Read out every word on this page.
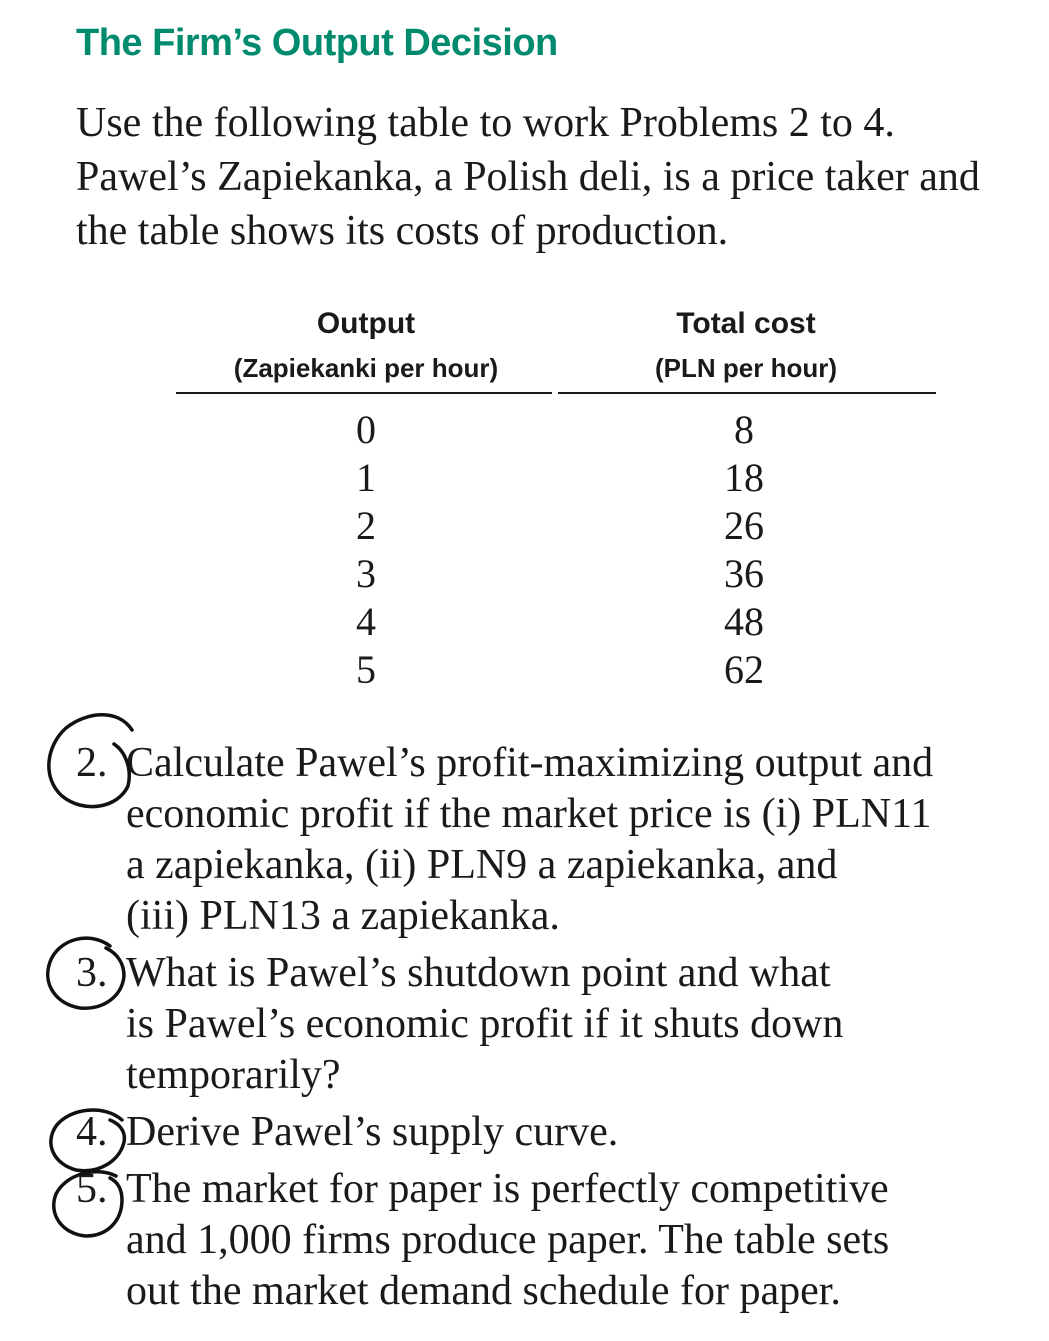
The Firm’s Output Decision
Use the following table to work Problems 2 to 4.
Pawel’s Zapiekanka, a Polish deli, is a price taker and
the table shows its costs of production.
Output
(Zapiekanki per hour)
Total cost
(PLN per hour)
0
1
2
3
4
5
8
18
26
36
48
62
2. Calculate Pawel’s profit-maximizing output and
economic profit if the market price is (i) PLN11
a zapiekanka, (ii) PLN9 a zapiekanka, and
(iii) PLN13 a zapiekanka.
3. What is Pawel’s shutdown point and what
is Pawel’s economic profit if it shuts down
temporarily?
4. Derive Pawel’s supply curve.
5. The market for paper is perfectly competitive
and 1,000 firms produce paper. The table sets
out the market demand schedule for paper.
